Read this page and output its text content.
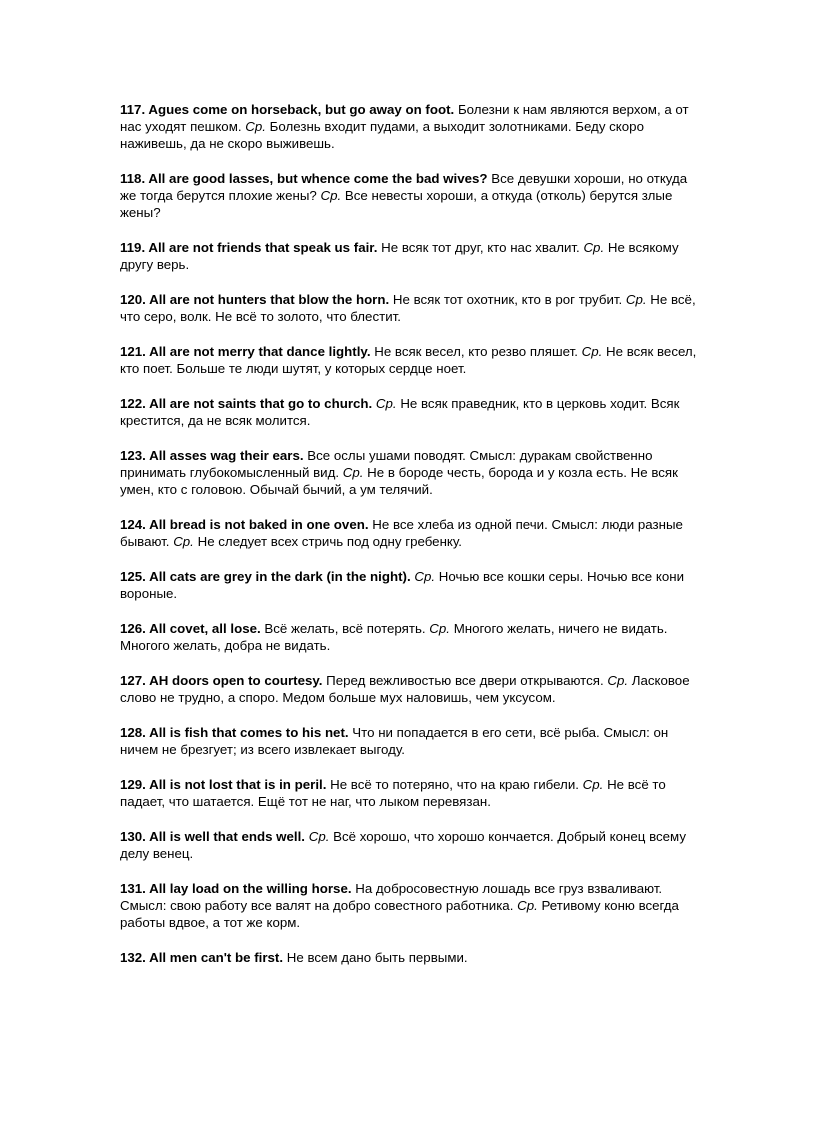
117. Agues come on horseback, but go away on foot. Болезни к нам являются верхом, а от нас уходят пешком. Ср. Болезнь входит пудами, а выходит золотниками. Беду скоро наживешь, да не скоро выживешь.

118. All are good lasses, but whence come the bad wives? Все девушки хороши, но откуда же тогда берутся плохие жены? Ср. Все невесты хороши, а откуда (отколь) берутся злые жены?

119. All are not friends that speak us fair. Не всяк тот друг, кто нас хвалит. Ср. Не всякому другу верь.

120. All are not hunters that blow the horn. Не всяк тот охотник, кто в рог трубит. Ср. Не всё, что серо, волк. Не всё то золото, что блестит.

121. All are not merry that dance lightly. Не всяк весел, кто резво пляшет. Ср. Не всяк весел, кто поет. Больше те люди шутят, у которых сердце ноет.

122. All are not saints that go to church. Ср. Не всяк праведник, кто в церковь ходит. Всяк крестится, да не всяк молится.

123. All asses wag their ears. Все ослы ушами поводят. Смысл: дуракам свойственно принимать глубокомысленный вид. Ср. Не в бороде честь, борода и у козла есть. Не всяк умен, кто с головою. Обычай бычий, а ум телячий.

124. All bread is not baked in one oven. Не все хлеба из одной печи. Смысл: люди разные бывают. Ср. Не следует всех стричь под одну гребенку.

125. All cats are grey in the dark (in the night). Ср. Ночью все кошки серы. Ночью все кони вороные.

126. All covet, all lose. Всё желать, всё потерять. Ср. Многого желать, ничего не видать. Многого желать, добра не видать.

127. AH doors open to courtesy. Перед вежливостью все двери открываются. Ср. Ласковое слово не трудно, а споро. Медом больше мух наловишь, чем уксусом.

128. All is fish that comes to his net. Что ни попадается в его сети, всё рыба. Смысл: он ничем не брезгует; из всего извлекает выгоду.

129. All is not lost that is in peril. Не всё то потеряно, что на краю гибели. Ср. Не всё то падает, что шатается. Ещё тот не наг, что лыком перевязан.

130. All is well that ends well. Ср. Всё хорошо, что хорошо кончается. Добрый конец всему делу венец.

131. All lay load on the willing horse. На добросовестную лошадь все груз взваливают. Смысл: свою работу все валят на добро совестного работника. Ср. Ретивому коню всегда работы вдвое, а тот же корм.

132. All men can't be first. Не всем дано быть первыми.
